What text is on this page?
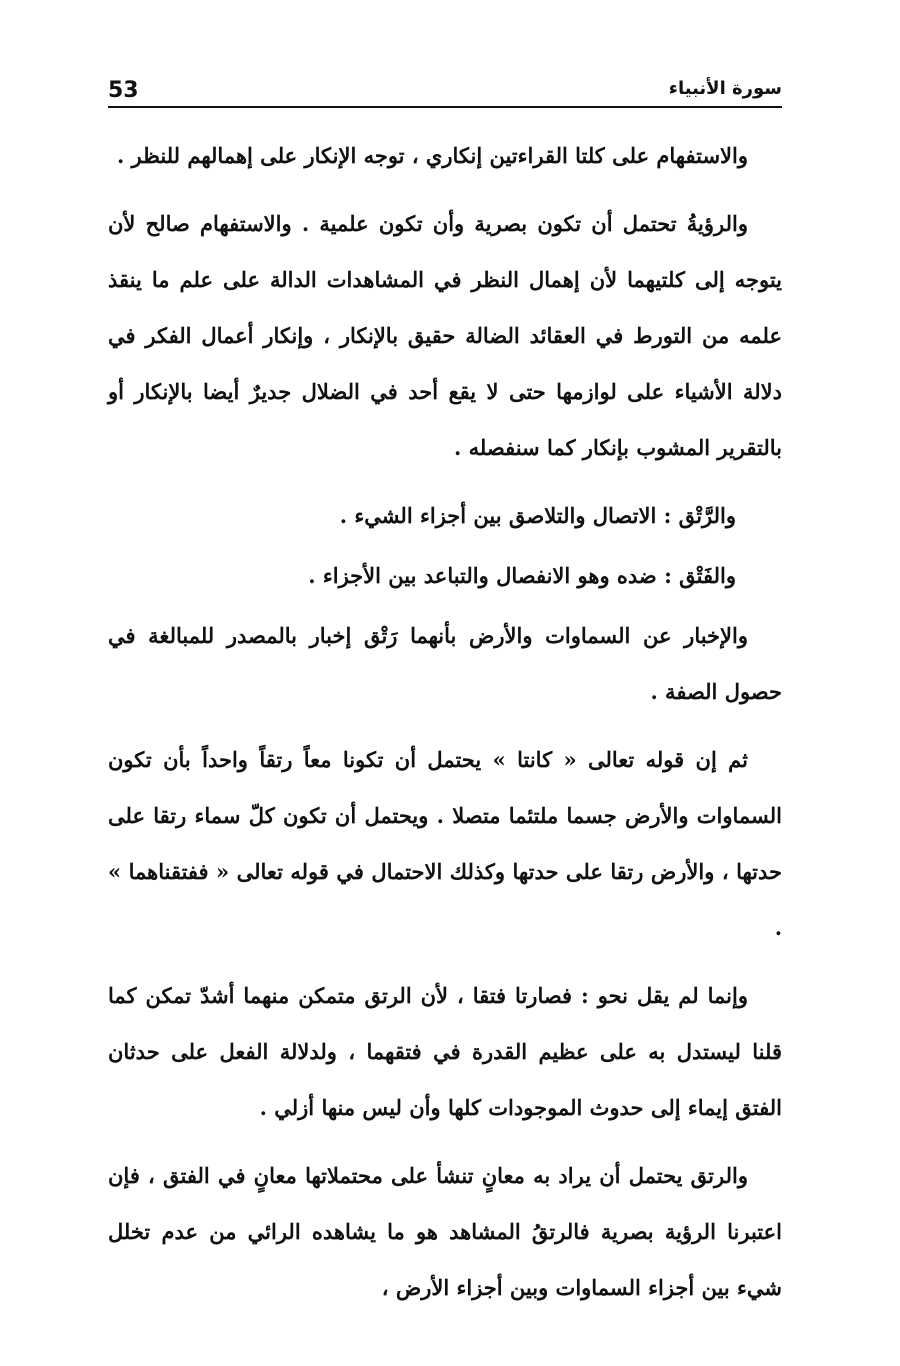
سورة الأنبياء
53

والاستفهام على كلتا القراءتين إنكاري ، توجه الإنكار على إهمالهم للنظر .

والرؤيةُ تحتمل أن تكون بصرية وأن تكون علمية . والاستفهام صالح لأن يتوجه إلى كلتيهما لأن إهمال النظر في المشاهدات الدالة على علم ما ينقذ علمه من التورط في العقائد الضالة حقيق بالإنكار ، وإنكار أعمال الفكر في دلالة الأشياء على لوازمها حتى لا يقع أحد في الضلال جديرٌ أيضا بالإنكار أو بالتقرير المشوب بإنكار كما سنفصله .

والرَّتْق : الاتصال والتلاصق بين أجزاء الشيء .

والفَتْق : ضده وهو الانفصال والتباعد بين الأجزاء .

والإخبار عن السماوات والأرض بأنهما رَتْق إخبار بالمصدر للمبالغة في حصول الصفة .

ثم إن قوله تعالى « كانتا » يحتمل أن تكونا معاً رتقاً واحداً بأن تكون السماوات والأرض جسما ملتئما متصلا . ويحتمل أن تكون كلّ سماء رتقا على حدتها ، والأرض رتقا على حدتها وكذلك الاحتمال في قوله تعالى « ففتقناهما » .

وإنما لم يقل نحو : فصارتا فتقا ، لأن الرتق متمكن منهما أشدّ تمكن كما قلنا ليستدل به على عظيم القدرة في فتقهما ، ولدلالة الفعل على حدثان الفتق إيماء إلى حدوث الموجودات كلها وأن ليس منها أزلي .

والرتق يحتمل أن يراد به معانٍ تنشأ على محتملاتها معانٍ في الفتق ، فإن اعتبرنا الرؤية بصرية فالرتقُ المشاهد هو ما يشاهده الرائي من عدم تخلل شيء بين أجزاء السماوات وبين أجزاء الأرض ،
